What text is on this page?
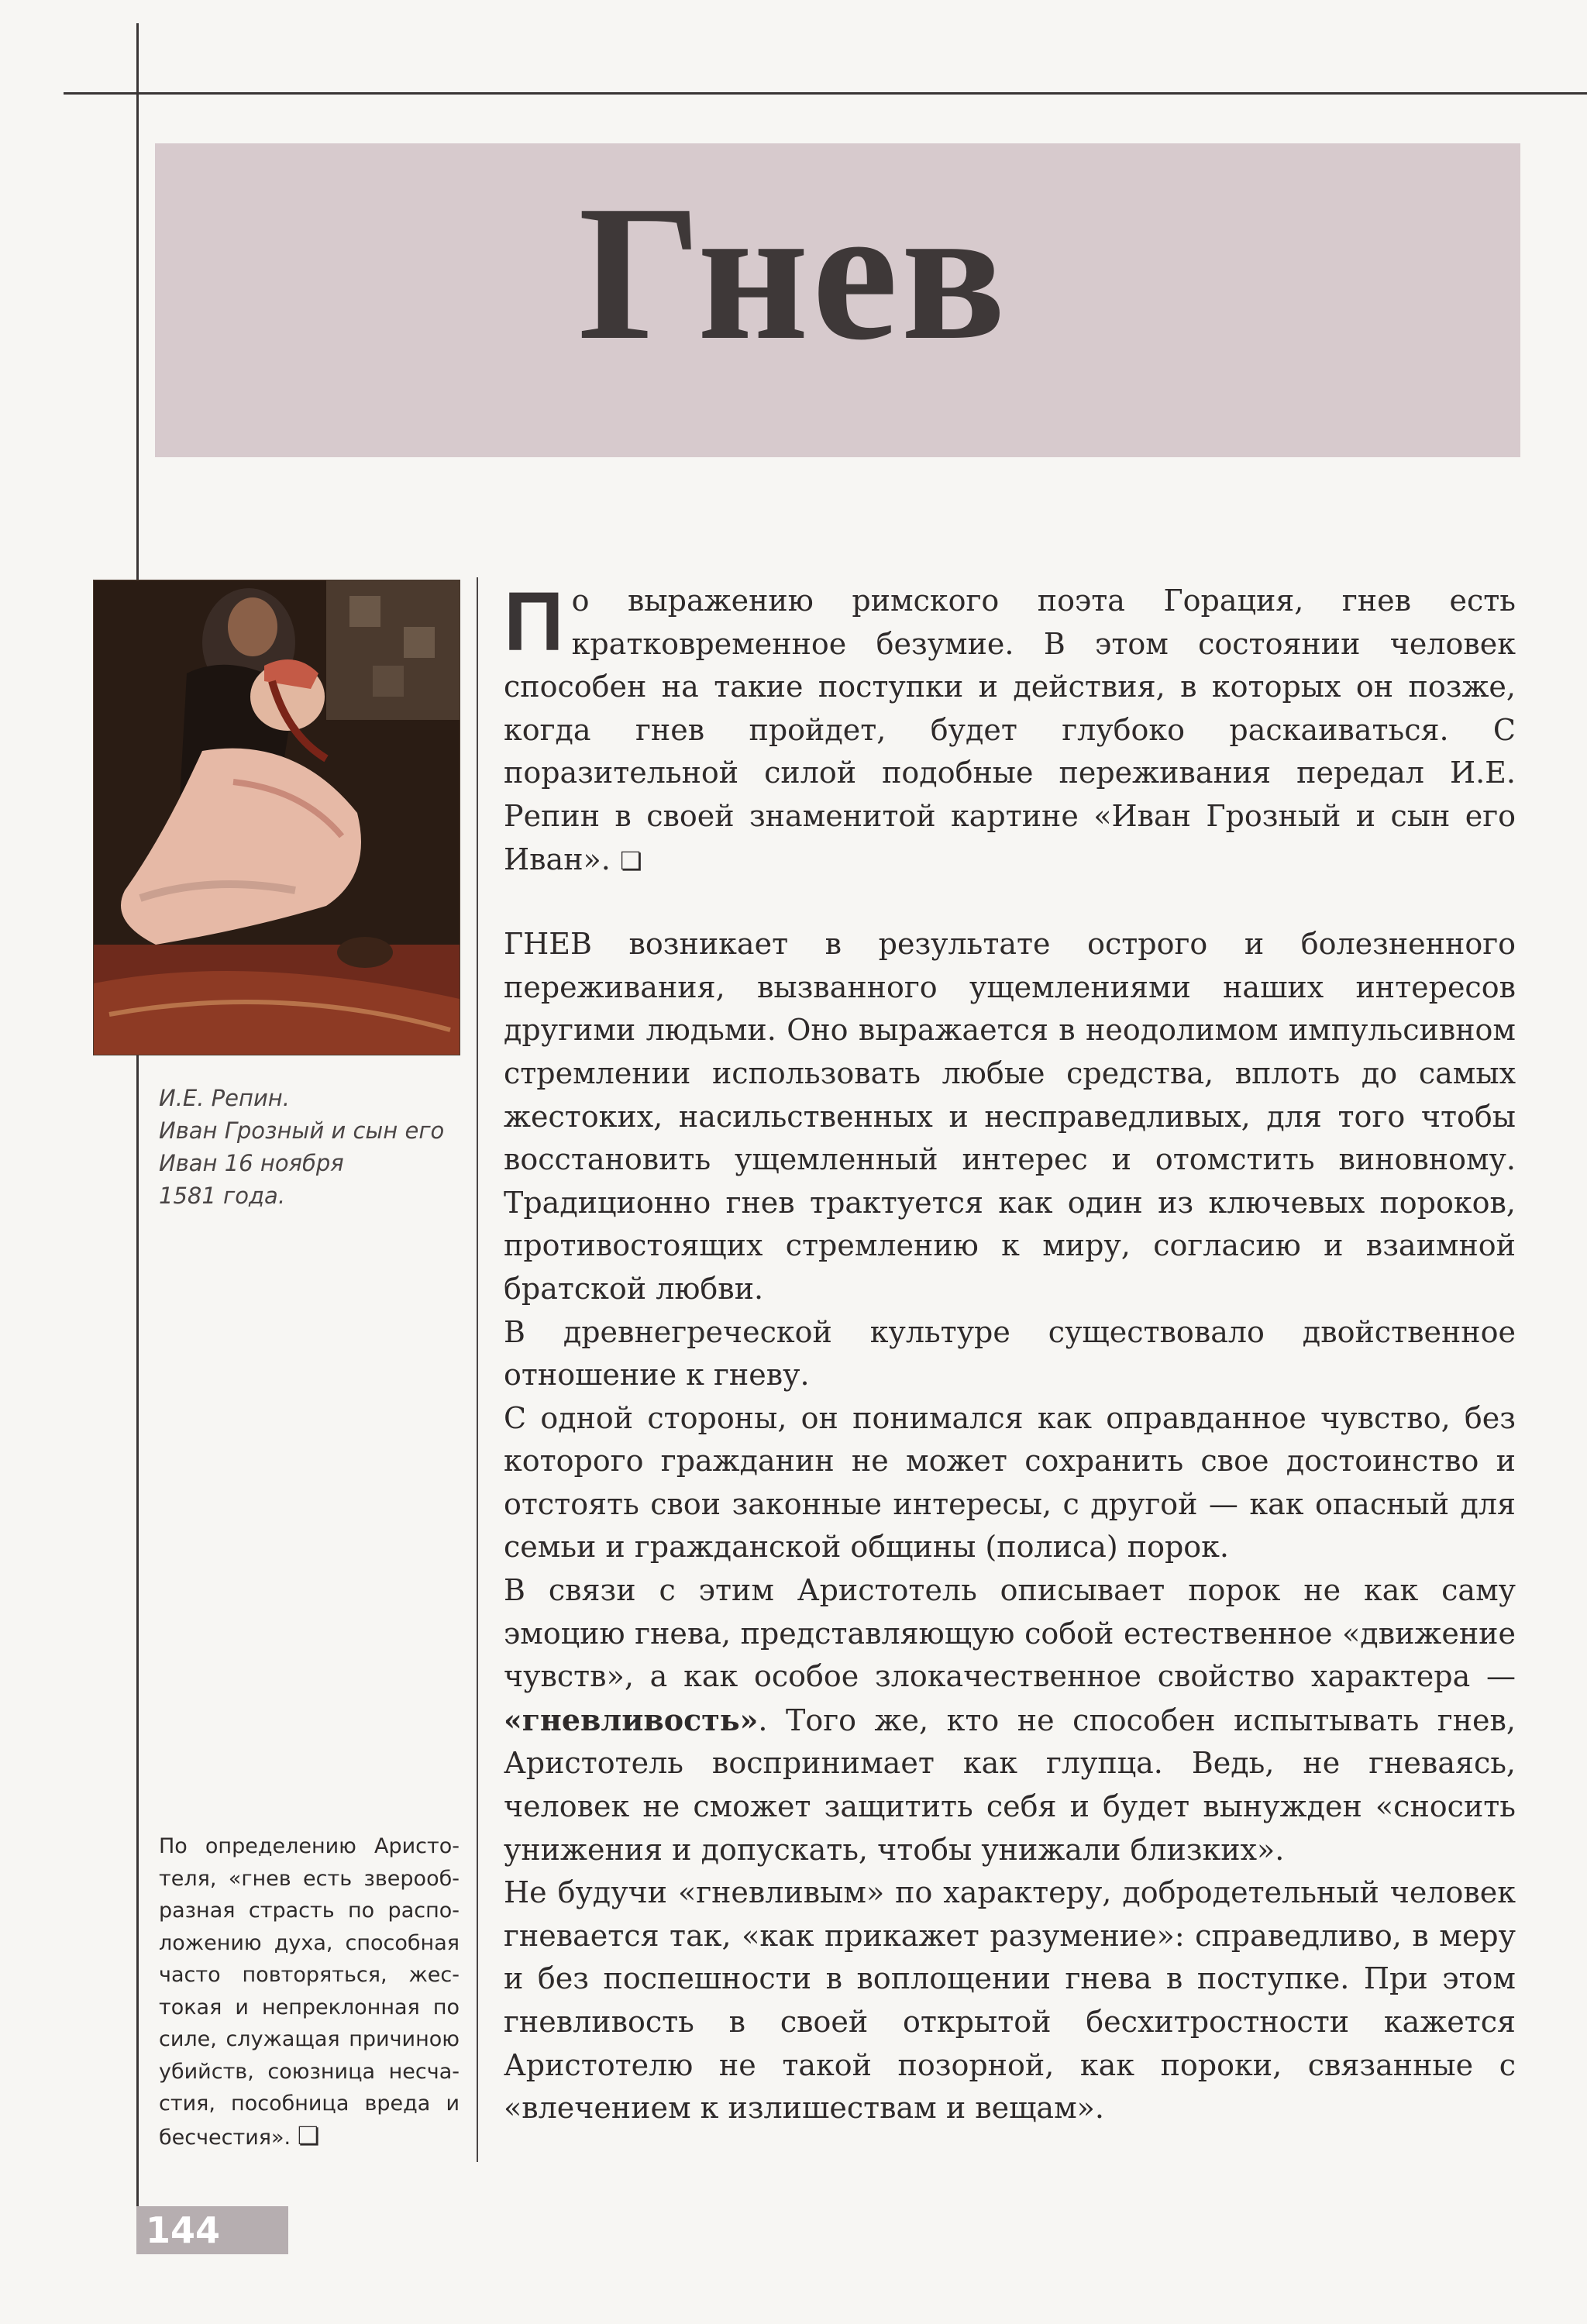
Гнев
И.Е. Репин.
Иван Грозный и сын его
Иван 16 ноября
1581 года.
По определению Аристо-
теля, «гнев есть зверооб-
разная страсть по распо-
ложению духа, способная
часто повторяться, жес-
токая и непреклонная по
силе, служащая причиною
убийств, союзница несча-
стия, пособница вреда и
бесчестия». ❏

По выражению римского поэта Горация, гнев есть кратковременное безумие. В этом состоянии человек способен на такие поступки и действия, в которых он позже, когда гнев пройдет, будет глубоко раскаиваться. С поразительной силой подобные переживания передал И.Е. Репин в своей знаменитой картине «Иван Грозный и сын его Иван». ❏

ГНЕВ возникает в результате острого и болезненного переживания, вызванного ущемлениями наших интересов другими людьми. Оно выражается в неодолимом импульсивном стремлении использовать любые средства, вплоть до самых жестоких, насильственных и несправедливых, для того чтобы восстановить ущемленный интерес и отомстить виновному. Традиционно гнев трактуется как один из ключевых пороков, противостоящих стремлению к миру, согласию и взаимной братской любви.

В древнегреческой культуре существовало двойственное отношение к гневу.

С одной стороны, он понимался как оправданное чувство, без которого гражданин не может сохранить свое достоинство и отстоять свои законные интересы, с другой — как опасный для семьи и гражданской общины (полиса) порок.

В связи с этим Аристотель описывает порок не как саму эмоцию гнева, представляющую собой естественное «движение чувств», а как особое злокачественное свойство характера — «гневливость». Того же, кто не способен испытывать гнев, Аристотель воспринимает как глупца. Ведь, не гневаясь, человек не сможет защитить себя и будет вынужден «сносить унижения и допускать, чтобы унижали близких».

Не будучи «гневливым» по характеру, добродетельный человек гневается так, «как прикажет разумение»: справедливо, в меру и без поспешности в воплощении гнева в поступке. При этом гневливость в своей открытой бесхитростности кажется Аристотелю не такой позорной, как пороки, связанные с «влечением к излишествам и вещам».

144
